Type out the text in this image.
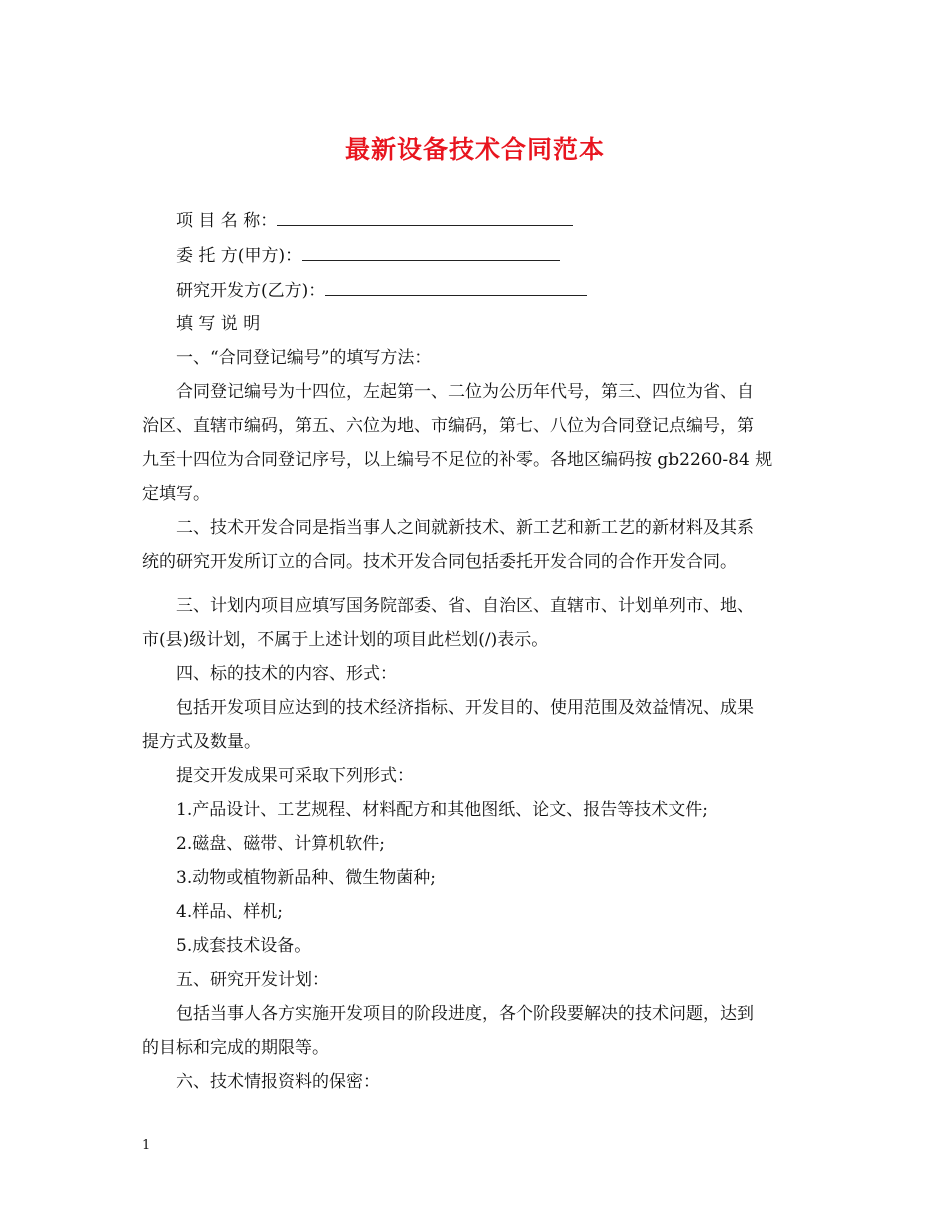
最新设备技术合同范本
项 目 名 称：
委 托 方(甲方)：
研究开发方(乙方)：
填 写 说 明
一、“合同登记编号”的填写方法：
合同登记编号为十四位，左起第一、二位为公历年代号，第三、四位为省、自
治区、直辖市编码，第五、六位为地、市编码，第七、八位为合同登记点编号，第
九至十四位为合同登记序号，以上编号不足位的补零。各地区编码按 gb2260-84 规
定填写。
二、技术开发合同是指当事人之间就新技术、新工艺和新工艺的新材料及其系
统的研究开发所订立的合同。技术开发合同包括委托开发合同的合作开发合同。
三、计划内项目应填写国务院部委、省、自治区、直辖市、计划单列市、地、
市(县)级计划，不属于上述计划的项目此栏划(/)表示。
四、标的技术的内容、形式：
包括开发项目应达到的技术经济指标、开发目的、使用范围及效益情况、成果
提方式及数量。
提交开发成果可采取下列形式：
1.产品设计、工艺规程、材料配方和其他图纸、论文、报告等技术文件;
2.磁盘、磁带、计算机软件;
3.动物或植物新品种、微生物菌种;
4.样品、样机;
5.成套技术设备。
五、研究开发计划：
包括当事人各方实施开发项目的阶段进度，各个阶段要解决的技术问题，达到
的目标和完成的期限等。
六、技术情报资料的保密：
1
